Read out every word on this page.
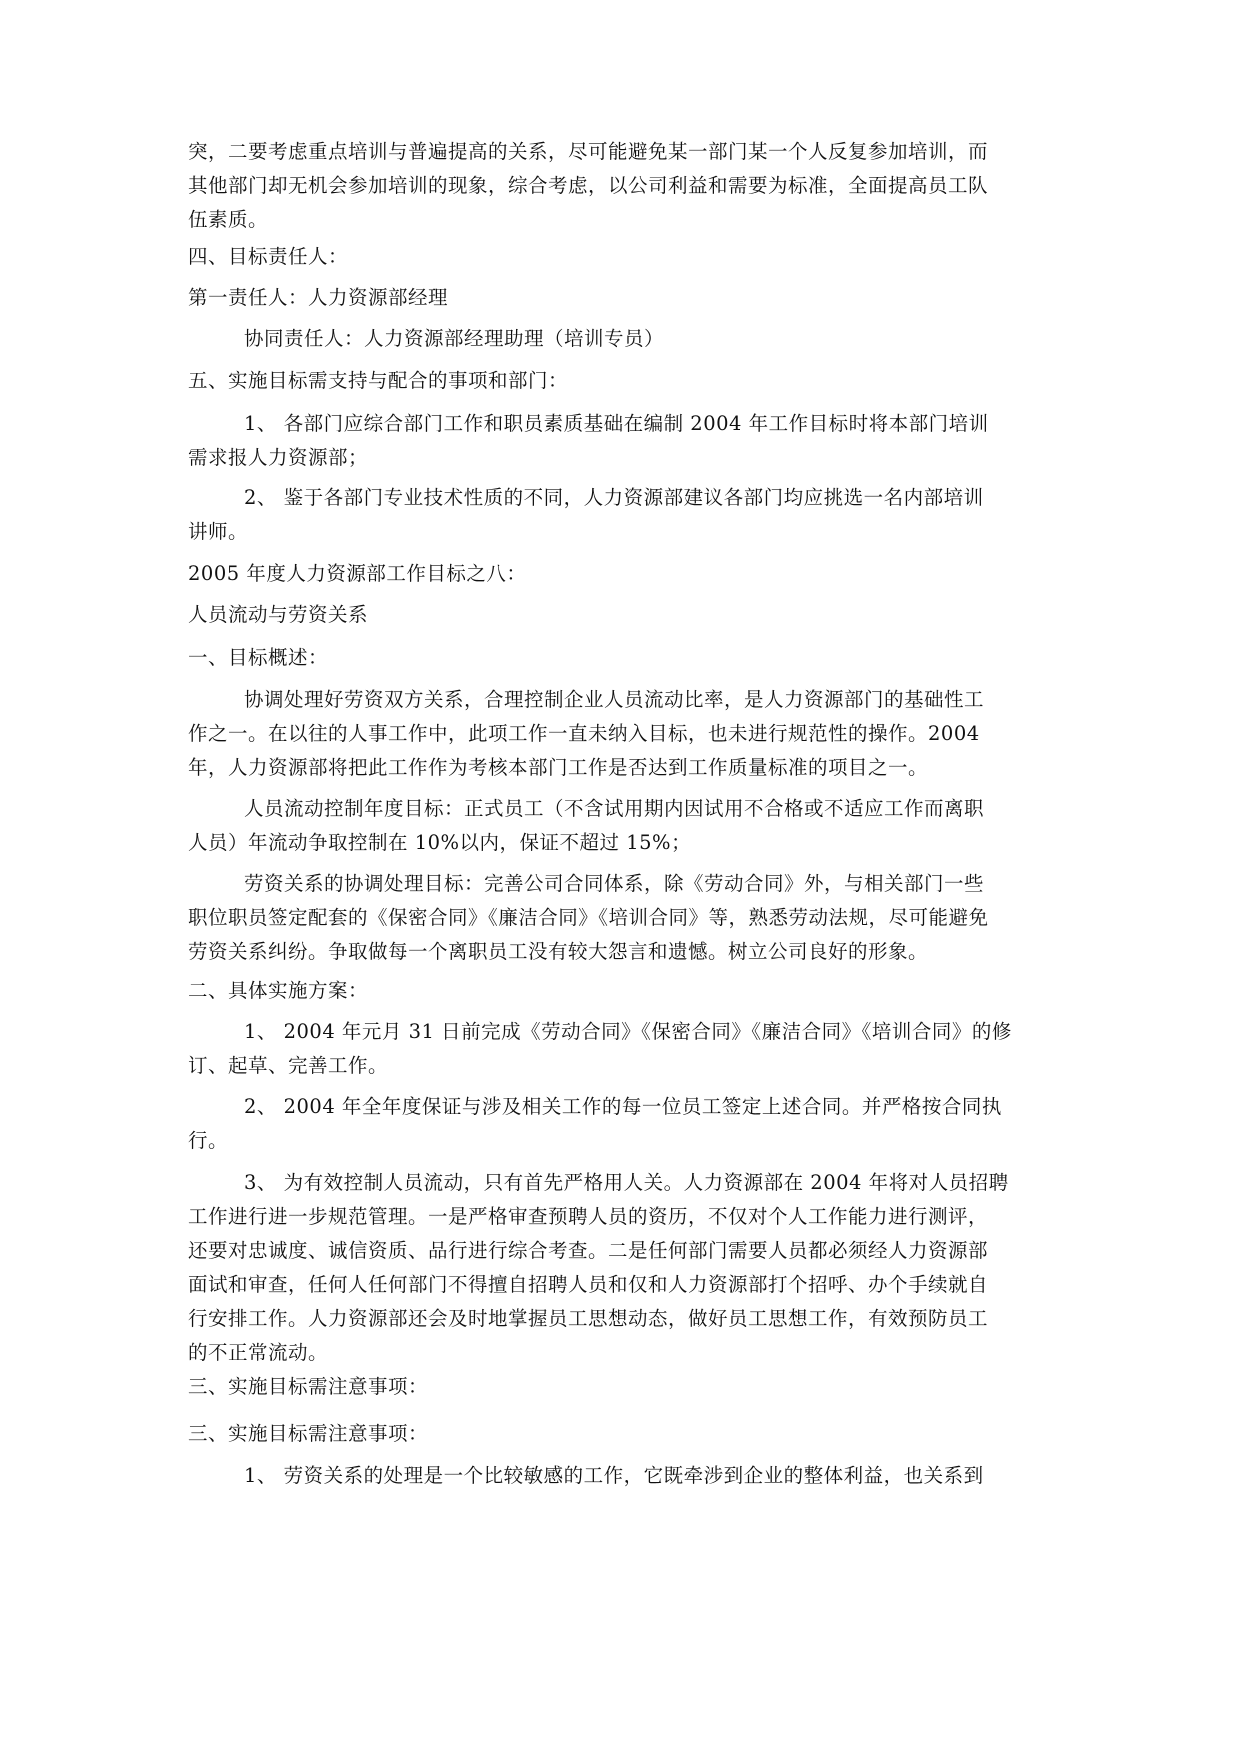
突，二要考虑重点培训与普遍提高的关系，尽可能避免某一部门某一个人反复参加培训，而
其他部门却无机会参加培训的现象，综合考虑，以公司利益和需要为标准，全面提高员工队
伍素质。
四、目标责任人：
第一责任人：人力资源部经理
协同责任人：人力资源部经理助理（培训专员）
五、实施目标需支持与配合的事项和部门：
1、 各部门应综合部门工作和职员素质基础在编制 2004 年工作目标时将本部门培训
需求报人力资源部；
2、 鉴于各部门专业技术性质的不同，人力资源部建议各部门均应挑选一名内部培训
讲师。
2005 年度人力资源部工作目标之八：
人员流动与劳资关系
一、目标概述：
协调处理好劳资双方关系，合理控制企业人员流动比率，是人力资源部门的基础性工
作之一。在以往的人事工作中，此项工作一直未纳入目标，也未进行规范性的操作。2004
年，人力资源部将把此工作作为考核本部门工作是否达到工作质量标准的项目之一。
人员流动控制年度目标：正式员工（不含试用期内因试用不合格或不适应工作而离职
人员）年流动争取控制在 10%以内，保证不超过 15%；
劳资关系的协调处理目标：完善公司合同体系，除《劳动合同》外，与相关部门一些
职位职员签定配套的《保密合同》《廉洁合同》《培训合同》等，熟悉劳动法规，尽可能避免
劳资关系纠纷。争取做每一个离职员工没有较大怨言和遗憾。树立公司良好的形象。
二、具体实施方案：
1、 2004 年元月 31 日前完成《劳动合同》《保密合同》《廉洁合同》《培训合同》的修
订、起草、完善工作。
2、 2004 年全年度保证与涉及相关工作的每一位员工签定上述合同。并严格按合同执
行。
3、 为有效控制人员流动，只有首先严格用人关。人力资源部在 2004 年将对人员招聘
工作进行进一步规范管理。一是严格审查预聘人员的资历，不仅对个人工作能力进行测评，
还要对忠诚度、诚信资质、品行进行综合考查。二是任何部门需要人员都必须经人力资源部
面试和审查，任何人任何部门不得擅自招聘人员和仅和人力资源部打个招呼、办个手续就自
行安排工作。人力资源部还会及时地掌握员工思想动态，做好员工思想工作，有效预防员工
的不正常流动。
三、实施目标需注意事项：
三、实施目标需注意事项：
1、 劳资关系的处理是一个比较敏感的工作，它既牵涉到企业的整体利益，也关系到
